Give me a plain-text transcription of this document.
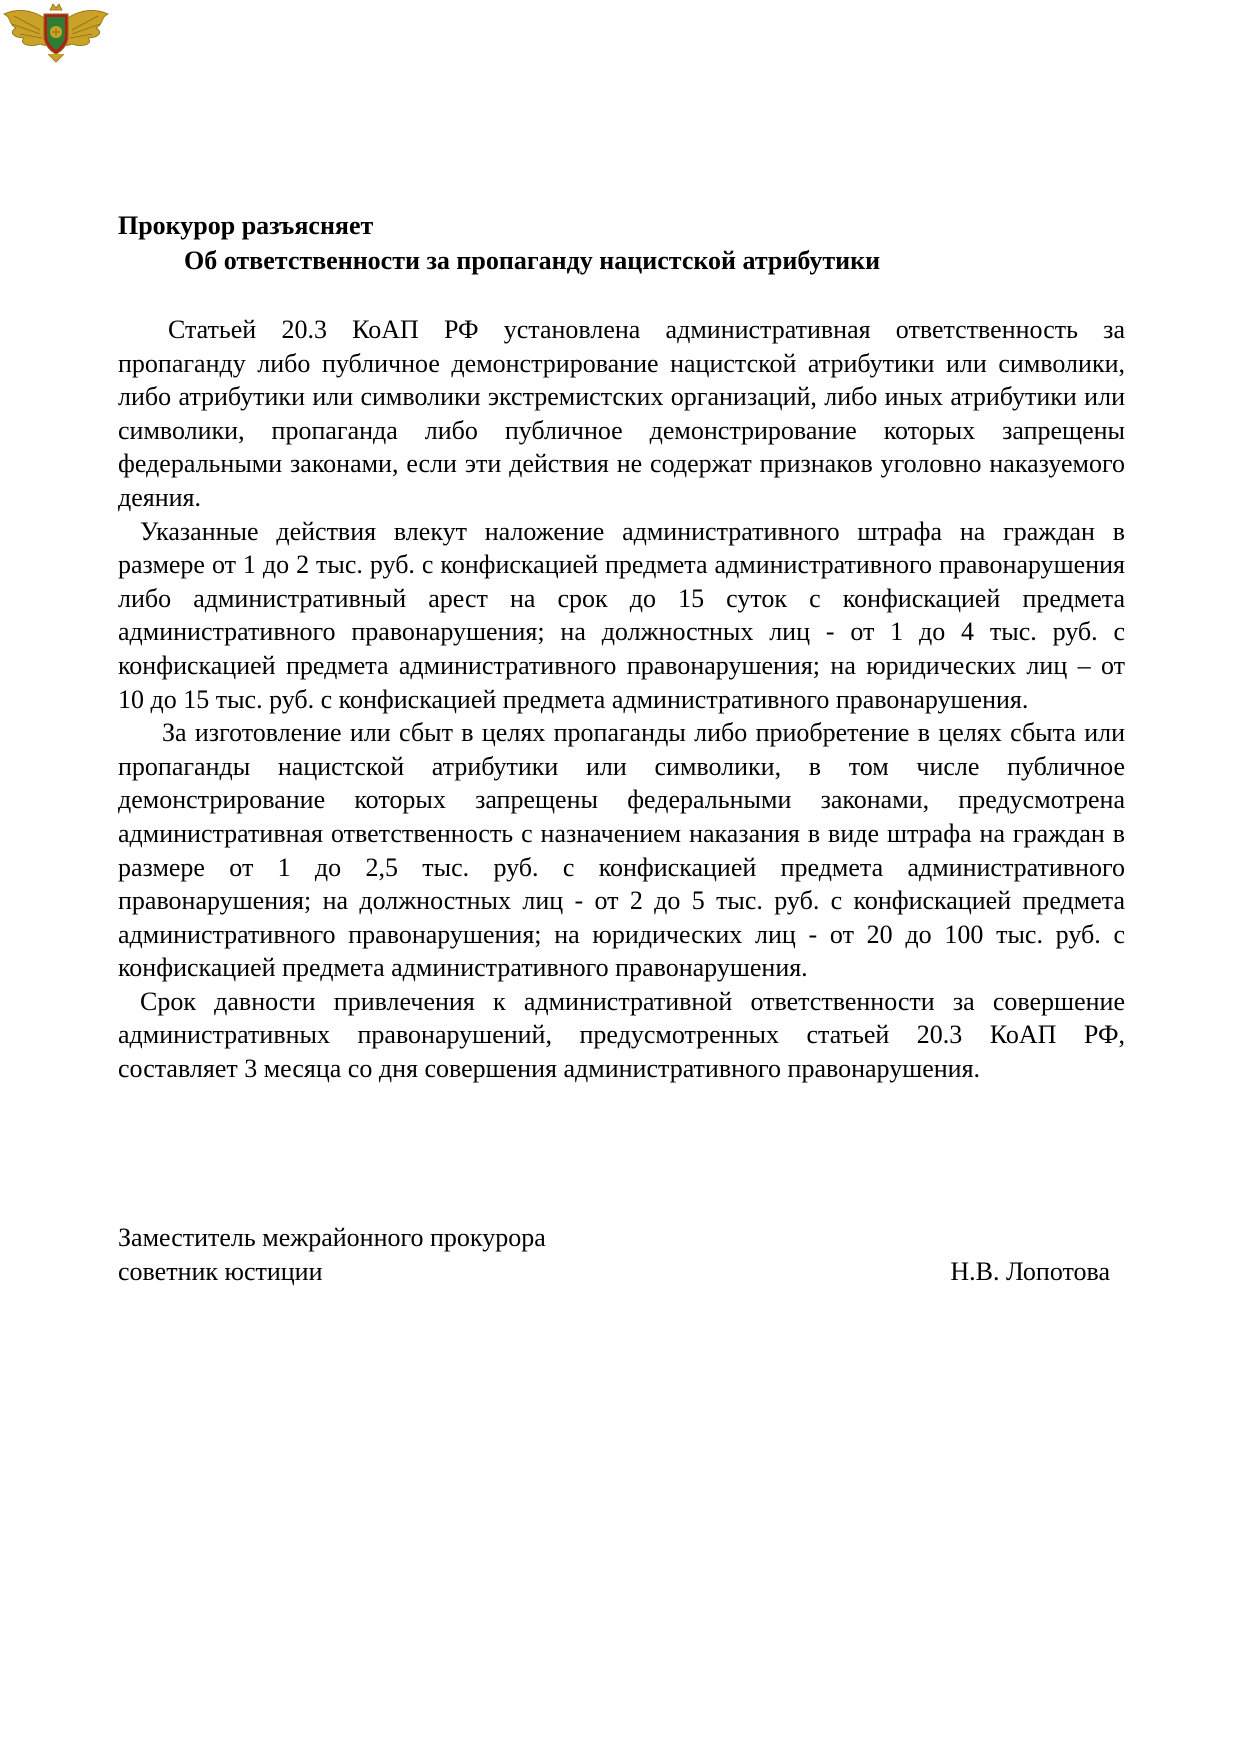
Прокурор разъясняет
Об ответственности за пропаганду нацистской атрибутики

Статьей 20.3 КоАП РФ установлена административная ответственность за пропаганду либо публичное демонстрирование нацистской атрибутики или символики, либо атрибутики или символики экстремистских организаций, либо иных атрибутики или символики, пропаганда либо публичное демонстрирование которых запрещены федеральными законами, если эти действия не содержат признаков уголовно наказуемого деяния.

Указанные действия влекут наложение административного штрафа на граждан в размере от 1 до 2 тыс. руб. с конфискацией предмета административного правонарушения либо административный арест на срок до 15 суток с конфискацией предмета административного правонарушения; на должностных лиц - от 1 до 4 тыс. руб. с конфискацией предмета административного правонарушения; на юридических лиц – от 10 до 15 тыс. руб. с конфискацией предмета административного правонарушения.

За изготовление или сбыт в целях пропаганды либо приобретение в целях сбыта или пропаганды нацистской атрибутики или символики, в том числе публичное демонстрирование которых запрещены федеральными законами, предусмотрена административная ответственность с назначением наказания в виде штрафа на граждан в размере от 1 до 2,5 тыс. руб. с конфискацией предмета административного правонарушения; на должностных лиц - от 2 до 5 тыс. руб. с конфискацией предмета административного правонарушения; на юридических лиц - от 20 до 100 тыс. руб. с конфискацией предмета административного правонарушения.

Срок давности привлечения к административной ответственности за совершение административных правонарушений, предусмотренных статьей 20.3 КоАП РФ, составляет 3 месяца со дня совершения административного правонарушения.

Заместитель межрайонного прокурора
советник юстиции	Н.В. Лопотова
